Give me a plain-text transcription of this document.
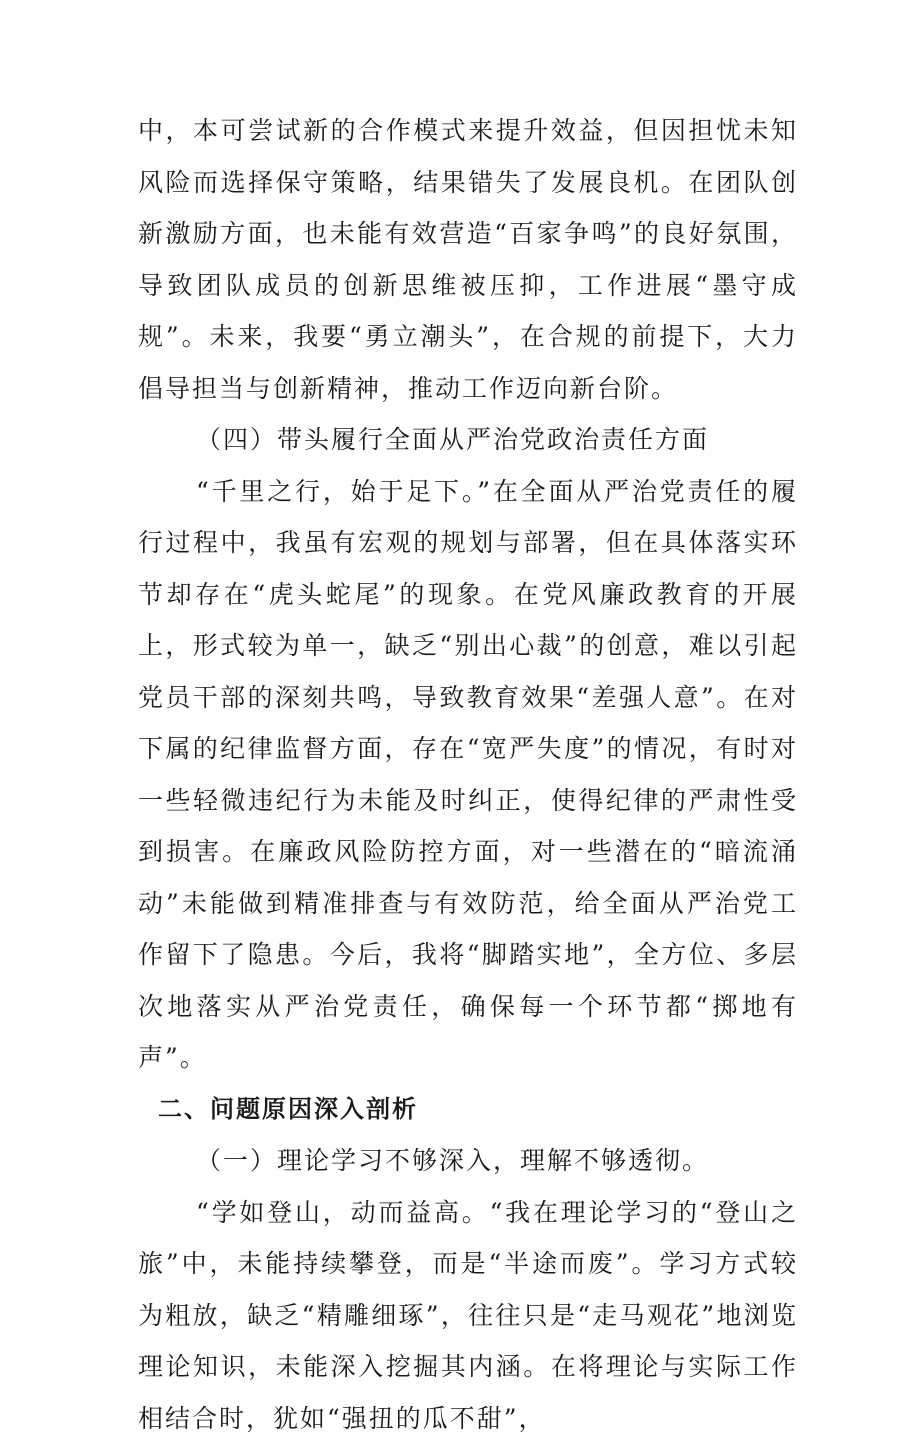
中，本可尝试新的合作模式来提升效益，但因担忧未知风险而选择保守策略，结果错失了发展良机。在团队创新激励方面，也未能有效营造“百家争鸣”的良好氛围，导致团队成员的创新思维被压抑，工作进展“墨守成规”。未来，我要“勇立潮头”，在合规的前提下，大力倡导担当与创新精神，推动工作迈向新台阶。

（四）带头履行全面从严治党政治责任方面

“千里之行，始于足下。”在全面从严治党责任的履行过程中，我虽有宏观的规划与部署，但在具体落实环节却存在“虎头蛇尾”的现象。在党风廉政教育的开展上，形式较为单一，缺乏“别出心裁”的创意，难以引起党员干部的深刻共鸣，导致教育效果“差强人意”。在对下属的纪律监督方面，存在“宽严失度”的情况，有时对一些轻微违纪行为未能及时纠正，使得纪律的严肃性受到损害。在廉政风险防控方面，对一些潜在的“暗流涌动”未能做到精准排查与有效防范，给全面从严治党工作留下了隐患。今后，我将“脚踏实地”，全方位、多层次地落实从严治党责任，确保每一个环节都“掷地有声”。

二、问题原因深入剖析

（一）理论学习不够深入，理解不够透彻。

“学如登山，动而益高。“我在理论学习的“登山之旅”中，未能持续攀登，而是“半途而废”。学习方式较为粗放，缺乏“精雕细琢”，往往只是“走马观花”地浏览理论知识，未能深入挖掘其内涵。在将理论与实际工作相结合时，犹如“强扭的瓜不甜”，
